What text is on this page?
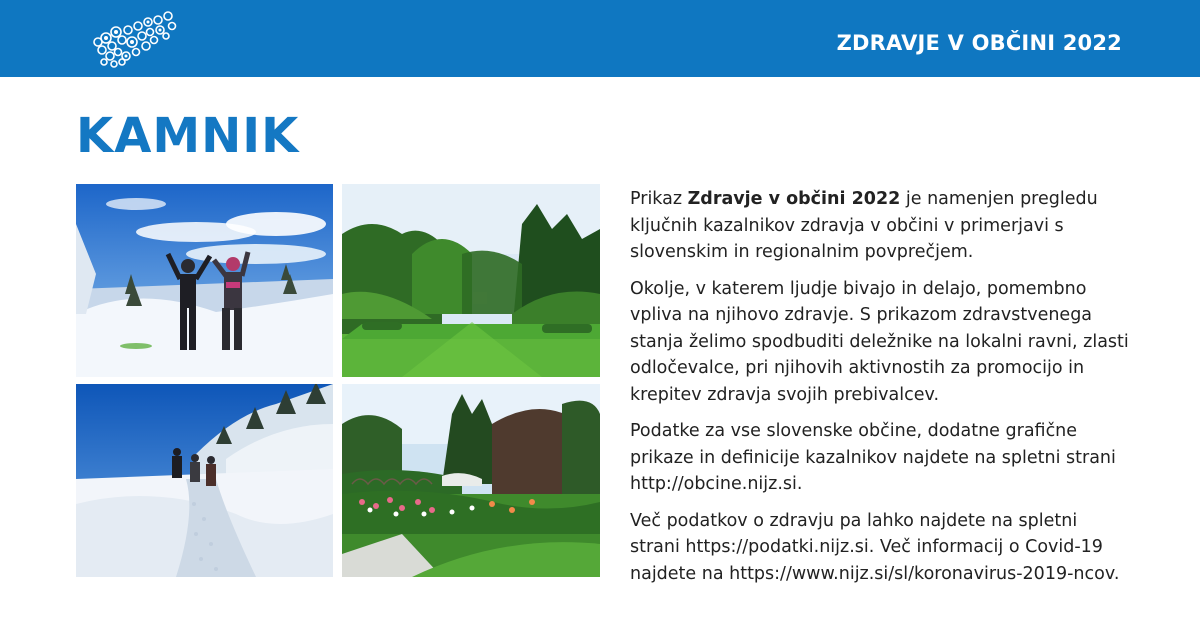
ZDRAVJE V OBČINI 2022
KAMNIK

Prikaz Zdravje v občini 2022 je namenjen pregledu ključnih kazalnikov zdravja v občini v primerjavi s slovenskim in regionalnim povprečjem.

Okolje, v katerem ljudje bivajo in delajo, pomembno vpliva na njihovo zdravje. S prikazom zdravstvenega stanja želimo spodbuditi deležnike na lokalni ravni, zlasti odločevalce, pri njihovih aktivnostih za promocijo in krepitev zdravja svojih prebivalcev.

Podatke za vse slovenske občine, dodatne grafične prikaze in definicije kazalnikov najdete na spletni strani http://obcine.nijz.si.

Več podatkov o zdravju pa lahko najdete na spletni strani https://podatki.nijz.si. Več informacij o Covid-19 najdete na https://www.nijz.si/sl/koronavirus-2019-ncov.
